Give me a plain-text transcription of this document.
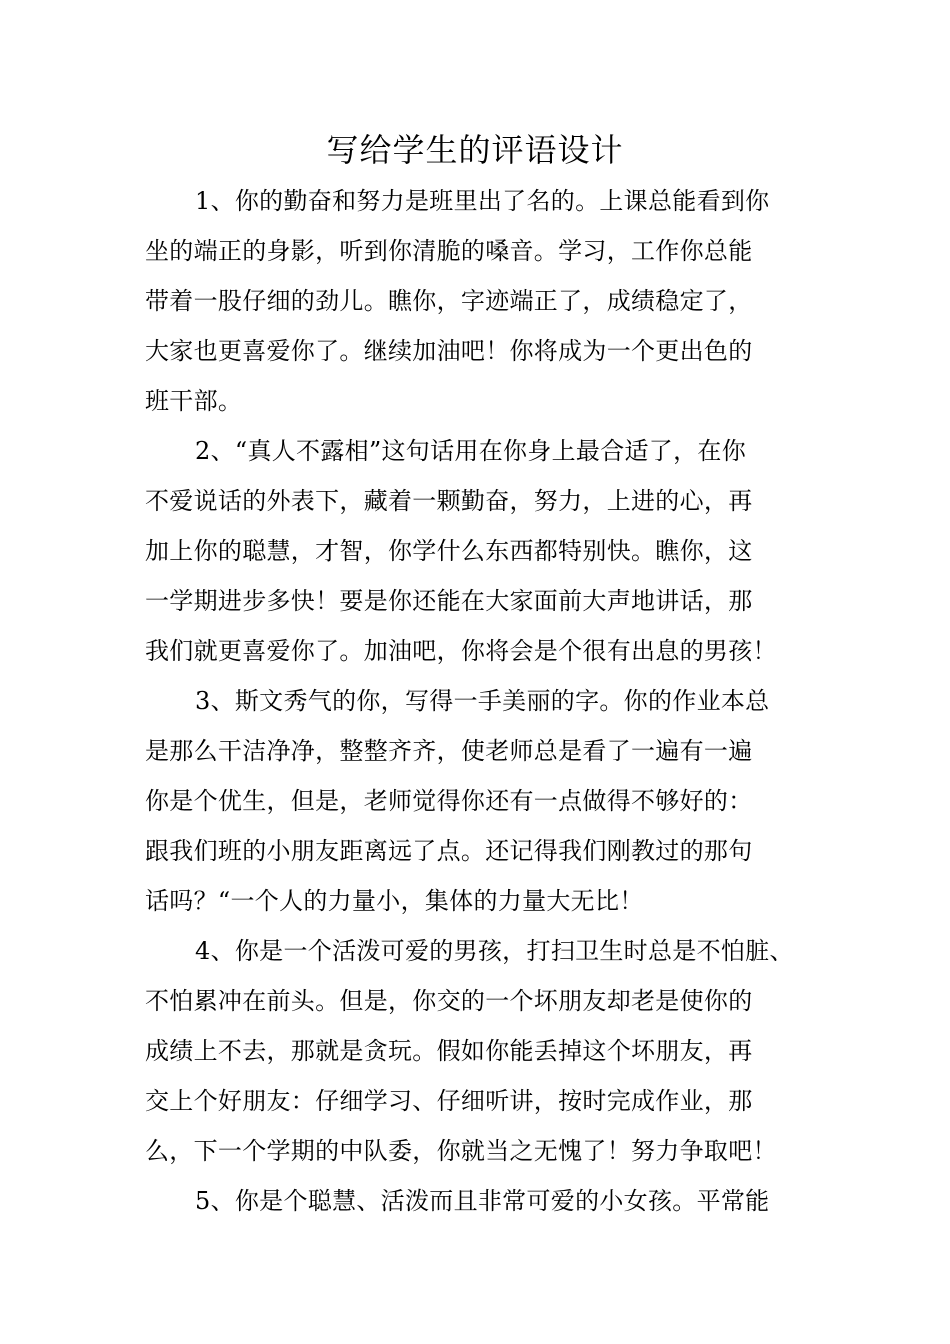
写给学生的评语设计
1、你的勤奋和努力是班里出了名的。上课总能看到你
坐的端正的身影，听到你清脆的嗓音。学习，工作你总能
带着一股仔细的劲儿。瞧你，字迹端正了，成绩稳定了，
大家也更喜爱你了。继续加油吧！你将成为一个更出色的
班干部。
2、“真人不露相”这句话用在你身上最合适了，在你
不爱说话的外表下，藏着一颗勤奋，努力，上进的心，再
加上你的聪慧，才智，你学什么东西都特别快。瞧你，这
一学期进步多快！要是你还能在大家面前大声地讲话，那
我们就更喜爱你了。加油吧，你将会是个很有出息的男孩！
3、斯文秀气的你，写得一手美丽的字。你的作业本总
是那么干洁净净，整整齐齐，使老师总是看了一遍有一遍
你是个优生，但是，老师觉得你还有一点做得不够好的：
跟我们班的小朋友距离远了点。还记得我们刚教过的那句
话吗？“一个人的力量小，集体的力量大无比！
4、你是一个活泼可爱的男孩，打扫卫生时总是不怕脏、
不怕累冲在前头。但是，你交的一个坏朋友却老是使你的
成绩上不去，那就是贪玩。假如你能丢掉这个坏朋友，再
交上个好朋友：仔细学习、仔细听讲，按时完成作业，那
么，下一个学期的中队委，你就当之无愧了！努力争取吧！
5、你是个聪慧、活泼而且非常可爱的小女孩。平常能
